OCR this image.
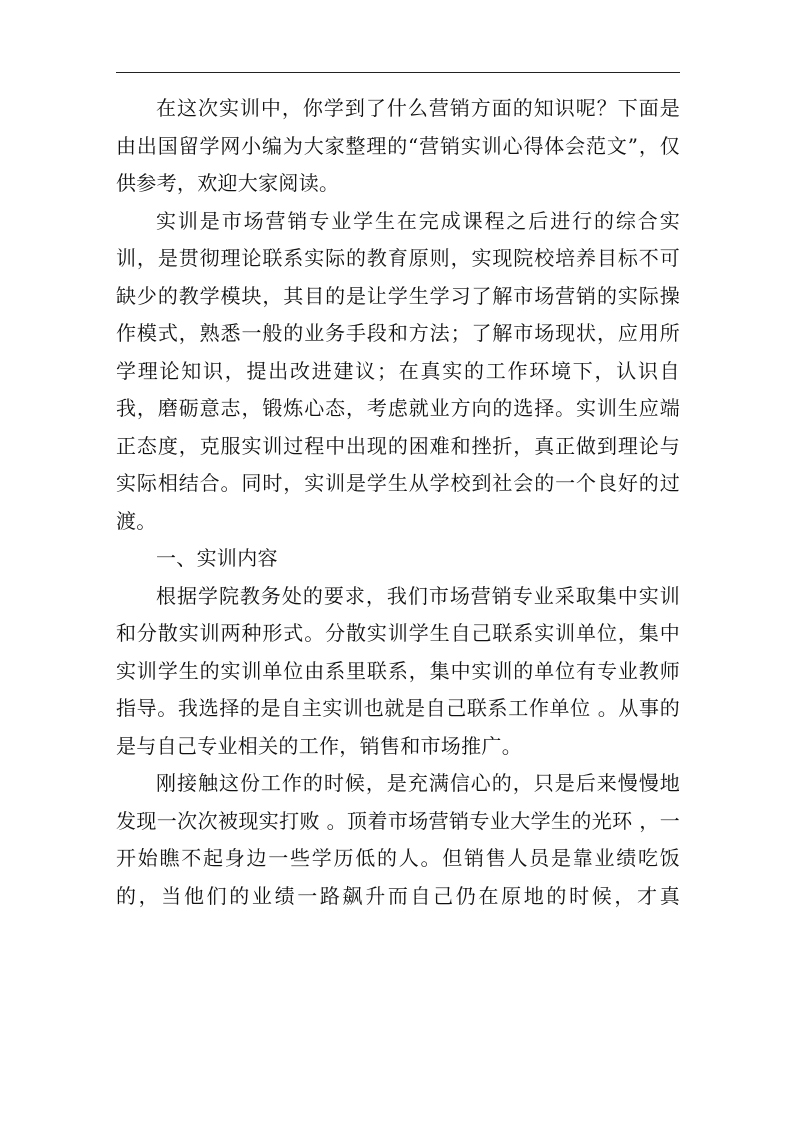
在这次实训中，你学到了什么营销方面的知识呢？下面是由出国留学网小编为大家整理的“营销实训心得体会范文”，仅供参考，欢迎大家阅读。

实训是市场营销专业学生在完成课程之后进行的综合实训，是贯彻理论联系实际的教育原则，实现院校培养目标不可缺少的教学模块，其目的是让学生学习了解市场营销的实际操作模式，熟悉一般的业务手段和方法；了解市场现状，应用所学理论知识，提出改进建议；在真实的工作环境下，认识自我，磨砺意志，锻炼心态，考虑就业方向的选择。实训生应端正态度，克服实训过程中出现的困难和挫折，真正做到理论与实际相结合。同时，实训是学生从学校到社会的一个良好的过渡。

一、实训内容

根据学院教务处的要求，我们市场营销专业采取集中实训和分散实训两种形式。分散实训学生自己联系实训单位，集中实训学生的实训单位由系里联系，集中实训的单位有专业教师指导。我选择的是自主实训也就是自己联系工作单位 。从事的是与自己专业相关的工作，销售和市场推广。

刚接触这份工作的时候，是充满信心的，只是后来慢慢地发现一次次被现实打败 。顶着市场营销专业大学生的光环 ，一开始瞧不起身边一些学历低的人。但销售人员是靠业绩吃饭的，当他们的业绩一路飙升而自己仍在原地的时候，才真
